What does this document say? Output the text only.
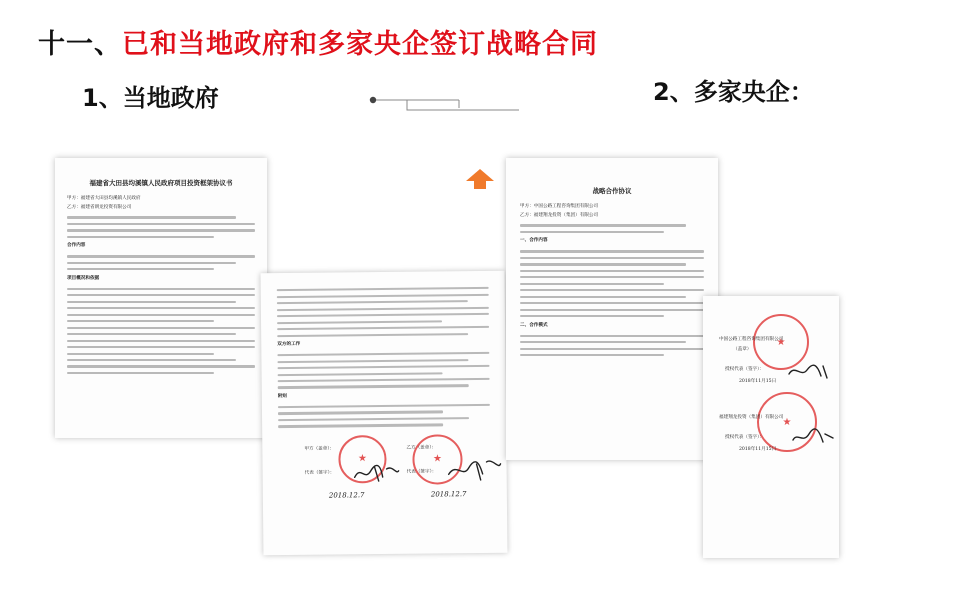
十一、已和当地政府和多家央企签订战略合同
1、当地政府	2、多家央企：
福建省大田县均溪镇人民政府项目投资框架协议书
甲方：福建省大田县均溪镇人民政府
乙方：福建省朗龙投资有限公司
合作内容
项目概况和依据
双方的工作
附则
甲方（盖章）：	乙方（盖章）：
代表（签字）：	代表（签字）：
2018.12.7	2018.12.7
★
★
战略合作协议
甲方：中国公路工程咨询集团有限公司
乙方：福建翔龙投资（集团）有限公司
一、合作内容
二、合作模式
★
中国公路工程咨询集团有限公司
（盖章）
授权代表（签字）：
2018年11月15日
★
福建翔龙投资（集团）有限公司
授权代表（签字）：
2018年11月15日
